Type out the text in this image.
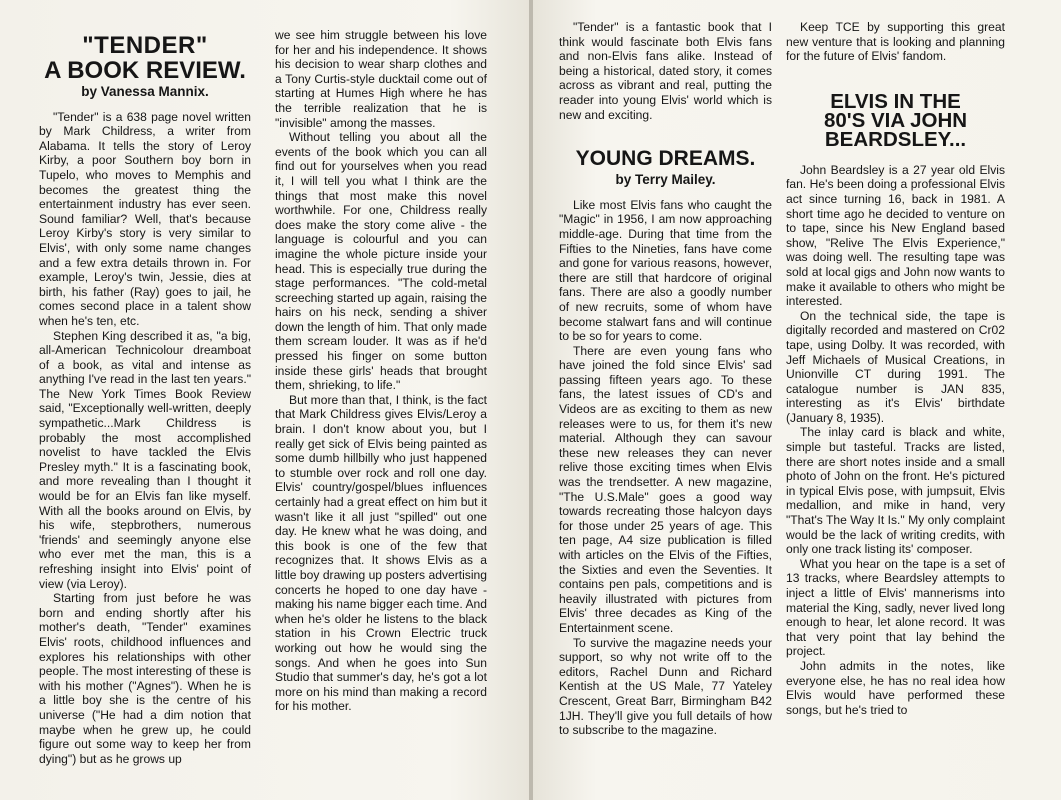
"TENDER"
A BOOK REVIEW.
by Vanessa Mannix.

"Tender" is a 638 page novel written by Mark Childress, a writer from Alabama. It tells the story of Leroy Kirby, a poor Southern boy born in Tupelo, who moves to Memphis and becomes the greatest thing the entertainment industry has ever seen. Sound familiar? Well, that's because Leroy Kirby's story is very similar to Elvis', with only some name changes and a few extra details thrown in. For example, Leroy's twin, Jessie, dies at birth, his father (Ray) goes to jail, he comes second place in a talent show when he's ten, etc.

Stephen King described it as, "a big, all-American Technicolour dreamboat of a book, as vital and intense as anything I've read in the last ten years." The New York Times Book Review said, "Exceptionally well-written, deeply sympathetic...Mark Childress is probably the most accomplished novelist to have tackled the Elvis Presley myth." It is a fascinating book, and more revealing than I thought it would be for an Elvis fan like myself. With all the books around on Elvis, by his wife, stepbrothers, numerous 'friends' and seemingly anyone else who ever met the man, this is a refreshing insight into Elvis' point of view (via Leroy).

Starting from just before he was born and ending shortly after his mother's death, "Tender" examines Elvis' roots, childhood influences and explores his relationships with other people. The most interesting of these is with his mother ("Agnes"). When he is a little boy she is the centre of his universe ("He had a dim notion that maybe when he grew up, he could figure out some way to keep her from dying") but as he grows up

we see him struggle between his love for her and his independence. It shows his decision to wear sharp clothes and a Tony Curtis-style ducktail come out of starting at Humes High where he has the terrible realization that he is "invisible" among the masses.

Without telling you about all the events of the book which you can all find out for yourselves when you read it, I will tell you what I think are the things that most make this novel worthwhile. For one, Childress really does make the story come alive - the language is colourful and you can imagine the whole picture inside your head. This is especially true during the stage performances. "The cold-metal screeching started up again, raising the hairs on his neck, sending a shiver down the length of him. That only made them scream louder. It was as if he'd pressed his finger on some button inside these girls' heads that brought them, shrieking, to life."

But more than that, I think, is the fact that Mark Childress gives Elvis/Leroy a brain. I don't know about you, but I really get sick of Elvis being painted as some dumb hillbilly who just happened to stumble over rock and roll one day. Elvis' country/gospel/blues influences certainly had a great effect on him but it wasn't like it all just "spilled" out one day. He knew what he was doing, and this book is one of the few that recognizes that. It shows Elvis as a little boy drawing up posters advertising concerts he hoped to one day have - making his name bigger each time. And when he's older he listens to the black station in his Crown Electric truck working out how he would sing the songs. And when he goes into Sun Studio that summer's day, he's got a lot more on his mind than making a record for his mother.

"Tender" is a fantastic book that I think would fascinate both Elvis fans and non-Elvis fans alike. Instead of being a historical, dated story, it comes across as vibrant and real, putting the reader into young Elvis' world which is new and exciting.

YOUNG DREAMS.
by Terry Mailey.

Like most Elvis fans who caught the "Magic" in 1956, I am now approaching middle-age. During that time from the Fifties to the Nineties, fans have come and gone for various reasons, however, there are still that hardcore of original fans. There are also a goodly number of new recruits, some of whom have become stalwart fans and will continue to be so for years to come.

There are even young fans who have joined the fold since Elvis' sad passing fifteen years ago. To these fans, the latest issues of CD's and Videos are as exciting to them as new releases were to us, for them it's new material. Although they can savour these new releases they can never relive those exciting times when Elvis was the trendsetter. A new magazine, "The U.S.Male" goes a good way towards recreating those halcyon days for those under 25 years of age. This ten page, A4 size publication is filled with articles on the Elvis of the Fifties, the Sixties and even the Seventies. It contains pen pals, competitions and is heavily illustrated with pictures from Elvis' three decades as King of the Entertainment scene.

To survive the magazine needs your support, so why not write off to the editors, Rachel Dunn and Richard Kentish at the US Male, 77 Yateley Crescent, Great Barr, Birmingham B42 1JH. They'll give you full details of how to subscribe to the magazine.

Keep TCE by supporting this great new venture that is looking and planning for the future of Elvis' fandom.

ELVIS IN THE
80'S VIA JOHN
BEARDSLEY...

John Beardsley is a 27 year old Elvis fan. He's been doing a professional Elvis act since turning 16, back in 1981. A short time ago he decided to venture on to tape, since his New England based show, "Relive The Elvis Experience," was doing well. The resulting tape was sold at local gigs and John now wants to make it available to others who might be interested.

On the technical side, the tape is digitally recorded and mastered on Cr02 tape, using Dolby. It was recorded, with Jeff Michaels of Musical Creations, in Unionville CT during 1991. The catalogue number is JAN 835, interesting as it's Elvis' birthdate (January 8, 1935).

The inlay card is black and white, simple but tasteful. Tracks are listed, there are short notes inside and a small photo of John on the front. He's pictured in typical Elvis pose, with jumpsuit, Elvis medallion, and mike in hand, very "That's The Way It Is." My only complaint would be the lack of writing credits, with only one track listing its' composer.

What you hear on the tape is a set of 13 tracks, where Beardsley attempts to inject a little of Elvis' mannerisms into material the King, sadly, never lived long enough to hear, let alone record. It was that very point that lay behind the project.

John admits in the notes, like everyone else, he has no real idea how Elvis would have performed these songs, but he's tried to
